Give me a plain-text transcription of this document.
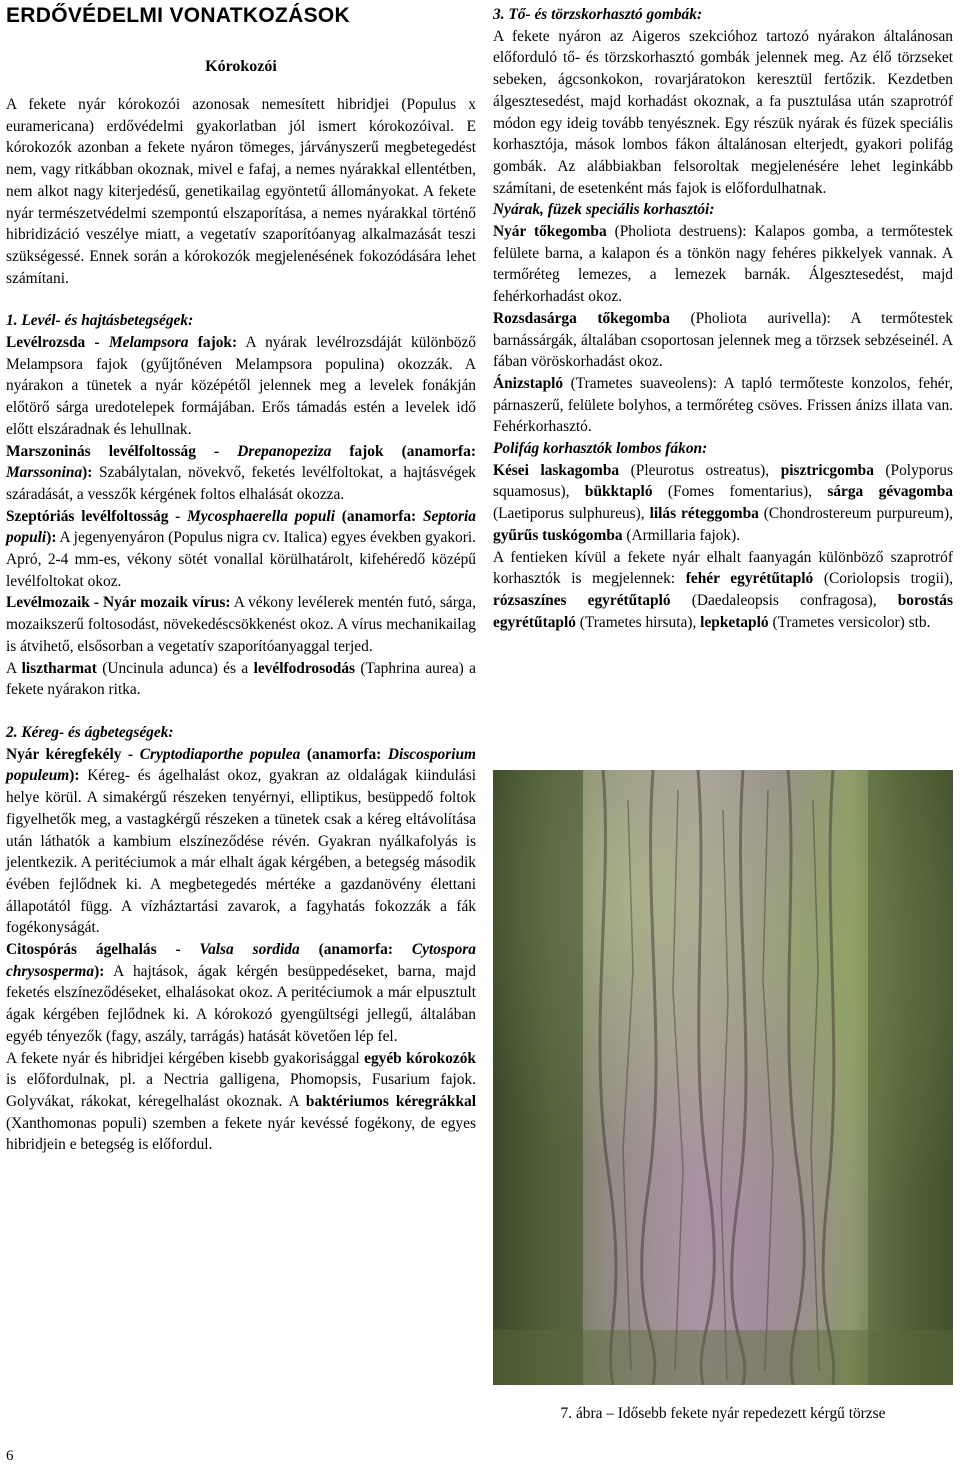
ERDŐVÉDELMI VONATKOZÁSOK
Kórokozói

A fekete nyár kórokozói azonosak nemesített hibridjei (Populus x euramericana) erdővédelmi gyakorlatban jól ismert kórokozóival. E kórokozók azonban a fekete nyáron tömeges, járványszerű megbetegedést nem, vagy ritkábban okoznak, mivel e fafaj, a nemes nyárakkal ellentétben, nem alkot nagy kiterjedésű, genetikailag egyöntetű állományokat. A fekete nyár természetvédelmi szempontú elszaporítása, a nemes nyárakkal történő hibridizáció veszélye miatt, a vegetatív szaporítóanyag alkalmazását teszi szükségessé. Ennek során a kórokozók megjelenésének fokozódására lehet számítani.

1. Levél- és hajtásbetegségek:

Levélrozsda - Melampsora fajok: A nyárak levélrozsdáját különböző Melampsora fajok (gyűjtőnéven Melampsora populina) okozzák. A nyárakon a tünetek a nyár középétől jelennek meg a levelek fonákján előtörő sárga uredotelepek formájában. Erős támadás estén a levelek idő előtt elszáradnak és lehullnak.

Marszoninás levélfoltosság - Drepanopeziza fajok (anamorfa: Marssonina): Szabálytalan, növekvő, feketés levélfoltokat, a hajtásvégek száradását, a vesszők kérgének foltos elhalását okozza.

Szeptóriás levélfoltosság - Mycosphaerella populi (anamorfa: Septoria populi): A jegenyenyáron (Populus nigra cv. Italica) egyes években gyakori. Apró, 2-4 mm-es, vékony sötét vonallal körülhatárolt, kifehéredő középű levélfoltokat okoz.

Levélmozaik - Nyár mozaik vírus: A vékony levélerek mentén futó, sárga, mozaikszerű foltosodást, növekedéscsökkenést okoz. A vírus mechanikailag is átvihető, elsősorban a vegetatív szaporítóanyaggal terjed.

A lisztharmat (Uncinula adunca) és a levélfodrosodás (Taphrina aurea) a fekete nyárakon ritka.

2. Kéreg- és ágbetegségek:

Nyár kéregfekély - Cryptodiaporthe populea (anamorfa: Discosporium populeum): Kéreg- és ágelhalást okoz, gyakran az oldalágak kiindulási helye körül. A simakérgű részeken tenyérnyi, elliptikus, besüppedő foltok figyelhetők meg, a vastagkérgű részeken a tünetek csak a kéreg eltávolítása után láthatók a kambium elszíneződése révén. Gyakran nyálkafolyás is jelentkezik. A peritéciumok a már elhalt ágak kérgében, a betegség második évében fejlődnek ki. A megbetegedés mértéke a gazdanövény élettani állapotától függ. A vízháztartási zavarok, a fagyhatás fokozzák a fák fogékonyságát.

Citospórás ágelhalás - Valsa sordida (anamorfa: Cytospora chrysosperma): A hajtások, ágak kérgén besüppedéseket, barna, majd feketés elszíneződéseket, elhalásokat okoz. A peritéciumok a már elpusztult ágak kérgében fejlődnek ki. A kórokozó gyengültségi jellegű, általában egyéb tényezők (fagy, aszály, tarrágás) hatását követően lép fel.

A fekete nyár és hibridjei kérgében kisebb gyakorisággal egyéb kórokozók is előfordulnak, pl. a Nectria galligena, Phomopsis, Fusarium fajok. Golyvákat, rákokat, kéregelhalást okoznak. A baktériumos kéregrákkal (Xanthomonas populi) szemben a fekete nyár kevéssé fogékony, de egyes hibridjein e betegség is előfordul.

3. Tő- és törzskorhasztó gombák:

A fekete nyáron az Aigeros szekcióhoz tartozó nyárakon általánosan előforduló tő- és törzskorhasztó gombák jelennek meg. Az élő törzseket sebeken, ágcsonkokon, rovarjáratokon keresztül fertőzik. Kezdetben álgesztesedést, majd korhadást okoznak, a fa pusztulása után szaprotróf módon egy ideig tovább tenyésznek. Egy részük nyárak és füzek speciális korhasztója, mások lombos fákon általánosan elterjedt, gyakori polifág gombák. Az alábbiakban felsoroltak megjelenésére lehet leginkább számítani, de esetenként más fajok is előfordulhatnak.

Nyárak, füzek speciális korhasztói:

Nyár tőkegomba (Pholiota destruens): Kalapos gomba, a termőtestek felülete barna, a kalapon és a tönkön nagy fehéres pikkelyek vannak. A termőréteg lemezes, a lemezek barnák. Álgesztesedést, majd fehérkorhadást okoz.

Rozsdasárga tőkegomba (Pholiota aurivella): A termőtestek barnássárgák, általában csoportosan jelennek meg a törzsek sebzéseinél. A fában vöröskorhadást okoz.

Ánizstapló (Trametes suaveolens): A tapló termőteste konzolos, fehér, párnaszerű, felülete bolyhos, a termőréteg csöves. Frissen ánizs illata van. Fehérkorhasztó.

Polifág korhasztók lombos fákon:

Kései laskagomba (Pleurotus ostreatus), pisztricgomba (Polyporus squamosus), bükktapló (Fomes fomentarius), sárga gévagomba (Laetiporus sulphureus), lilás réteggomba (Chondrostereum purpureum), gyűrűs tuskógomba (Armillaria fajok).

A fentieken kívül a fekete nyár elhalt faanyagán különböző szaprotróf korhasztók is megjelennek: fehér egyrétűtapló (Coriolopsis trogii), rózsaszínes egyrétűtapló (Daedaleopsis confragosa), borostás egyrétűtapló (Trametes hirsuta), lepketapló (Trametes versicolor) stb.

7. ábra – Idősebb fekete nyár repedezett kérgű törzse
6
